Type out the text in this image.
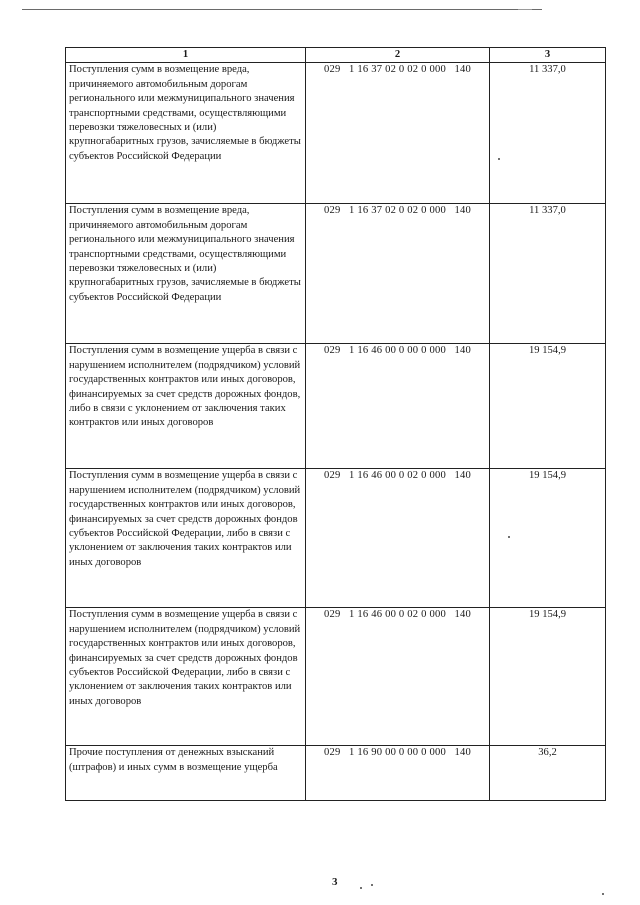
1	2	3
Поступления сумм в возмещение вреда, причиняемого автомобильным дорогам регионального или межмуниципального значения транспортными средствами, осуществляющими перевозки тяжеловесных и (или) крупногабаритных грузов, зачисляемые в бюджеты субъектов Российской Федерации	029   1 16 37 02 0 02 0 000   140	11 337,0
Поступления сумм в возмещение вреда, причиняемого автомобильным дорогам регионального или межмуниципального значения транспортными средствами, осуществляющими перевозки тяжеловесных и (или) крупногабаритных грузов, зачисляемые в бюджеты субъектов Российской Федерации	029   1 16 37 02 0 02 0 000   140	11 337,0
Поступления сумм в возмещение ущерба в связи с нарушением исполнителем (подрядчиком) условий государственных контрактов или иных договоров, финансируемых за счет средств дорожных фондов, либо в связи с уклонением от заключения таких контрактов или иных договоров	029   1 16 46 00 0 00 0 000   140	19 154,9
Поступления сумм в возмещение ущерба в связи с нарушением исполнителем (подрядчиком) условий государственных контрактов или иных договоров, финансируемых за счет средств дорожных фондов субъектов Российской Федерации, либо в связи с уклонением от заключения таких контрактов или иных договоров	029   1 16 46 00 0 02 0 000   140	19 154,9
Поступления сумм в возмещение ущерба в связи с нарушением исполнителем (подрядчиком) условий государственных контрактов или иных договоров, финансируемых за счет средств дорожных фондов субъектов Российской Федерации, либо в связи с уклонением от заключения таких контрактов или иных договоров	029   1 16 46 00 0 02 0 000   140	19 154,9
Прочие поступления от денежных взысканий (штрафов) и иных сумм в возмещение ущерба	029   1 16 90 00 0 00 0 000   140	36,2
3
